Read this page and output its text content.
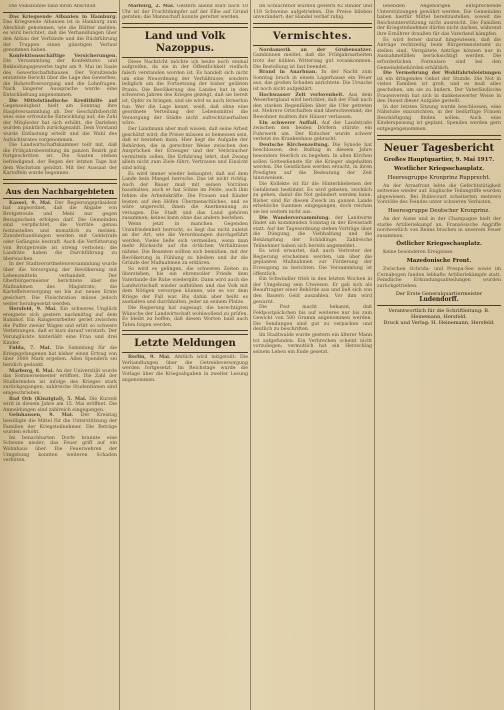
Die Volksbühne fand ihren Abschluß

Das Kriegsende Albanien in Hamburg. Das Kriegsende Albanien ist in Hamburg zum Abschluß gekommen, wie die Blätter melden; es wird berichtet, daß die Verhandlungen über den Abbau der Verbände und die Rückführung der Truppen einen günstigen Verlauf genommen haben.

Konfektionsschäftige Versicherungen. Die Versammlung der Konfektions- und Bekleidungsgewerbe tagte am 9. Mai im Saale des Gewerkschaftshauses. Der Vorsitzende erstattete Bericht über die Lage des Gewerbes, die Rohstoffversorgung und die Lohnfragen. Nach längerer Aussprache wurde eine Entschließung angenommen.

Die Mittelständische Kredithilfe auf Gegenseitigkeit hielt am Sonntag ihre Hauptversammlung ab. Der Geschäftsbericht wies eine erfreuliche Entwicklung auf; die Zahl der Mitglieder hat sich erhöht, die Darlehen wurden pünktlich zurückgezahlt. Dem Vorstand wurde Entlastung erteilt und die Wahl des Aufsichtsrates vorgenommen.

Die Landwirtschaftskammer teilt mit, daß die Frühjahrsbestellung im ganzen Bezirk gut fortgeschritten ist. Die Saaten stehen befriedigend, der Regen der letzten Tage hat dem Wachstum genützt. Mit der Aussaat der Kartoffeln wurde begonnen.

Aus den Nachbargebieten

Kassel, 9. Mai. Der Regierungspräsident hat angeordnet, daß die Abgabe von Brotgetreide und Mehl nur gegen Bezugsschein erfolgen darf. Die Gemeinden sind verpflichtet, die Vorräte genau festzustellen und monatlich zu melden. Zuwiderhandlungen werden mit Geldstrafe oder Gefängnis bestraft. Auch die Verfütterung von Brotgetreide ist streng verboten; die Landräte haben die Durchführung zu überwachen.

In der Stadtverordnetenversammlung wurde über die Versorgung der Bevölkerung mit Lebensmitteln verhandelt. Der Oberbürgermeister berichtete über die Maßnahmen des Magistrats; die Kartoffelversorgung sei bis zur neuen Ernte gesichert. Die Fleischration müsse jedoch weiter herabgesetzt werden.

Hersfeld, 9. Mai. Ein schweres Unglück ereignete sich gestern nachmittag auf dem Bahnhof. Ein Rangierarbeiter geriet zwischen die Puffer zweier Wagen und erlitt so schwere Verletzungen, daß er kurz darauf verstarb. Der Verunglückte hinterläßt eine Frau und drei Kinder.

Fulda, 7. Mai. Die Sammlung für die Kriegsgefangenen hat bisher einen Ertrag von über 3000 Mark ergeben. Allen Spendern sei herzlich gedankt.

Marburg, 8. Mai. An der Universität wurde das Sommersemester eröffnet. Die Zahl der Studierenden ist infolge des Krieges stark zurückgegangen; zahlreiche Studentinnen sind eingeschrieben.

Bad Orb (Kinzigtal), 5. Mai. Die Kurzeit wird in diesem Jahre am 15. Mai eröffnet. Die Anmeldungen sind zahlreich eingegangen.

Gelnhausen, 9. Mai. Der Kreistag bewilligte die Mittel für die Unterstützung der Familien der Kriegsteilnehmer. Die Beträge wurden erhöht.

Im benachbarten Dorfe brannte eine Scheune nieder; das Feuer griff auf ein Wohnhaus über. Die Feuerwehren der Umgebung konnten weiteren Schaden verhüten.

Marburg, 2. Mai. Gestern abend kurz nach 10 Uhr ist der Frachtdampfer auf der Elbe auf Grund geraten; die Mannschaft konnte gerettet werden.

Land und Volk Nazoppus.

Diese Nachricht möchte ich heute noch einmal aufgreifen, da sie in der Öffentlichkeit vielfach falsch verstanden worden ist. Es handelt sich nicht um eine Neuordnung der Verhältnisse, sondern lediglich um die Fortsetzung der bisher geübten Praxis. Die Bevölkerung des Landes hat in den schweren Jahren des Krieges gezeigt, daß sie bereit ist, Opfer zu bringen, und sie wird es auch fernerhin tun. Wer die Lage kennt, weiß, daß ohne eine geordnete Verteilung der Lebensmittel die Versorgung der Städte nicht aufrechtzuerhalten wäre.

Der Landmann aber muß wissen, daß seine Arbeit geschätzt wird; die Preise müssen so bemessen sein, daß er bestehen kann. Hier liegt die Aufgabe der Behörden, die in gerechter Weise zwischen den Ansprüchen der Erzeuger und der Verbraucher vermitteln sollen. Die Erfahrung lehrt, daß Zwang allein nicht zum Ziele führt; Vertrauen und Einsicht sind nötig.

Es wird immer wieder behauptet, daß auf dem Lande kein Mangel herrsche. Das ist nicht richtig. Auch der Bauer muß mit seinen Vorräten haushalten, auch er hat Söhne im Felde, auch ihm fehlen die Arbeitskräfte. Die Frauen und Kinder leisten auf den Höfen Übermenschliches, und es wäre ungerecht, ihnen die Anerkennung zu versagen. Die Stadt und das Land gehören zusammen; keines kann ohne das andere bestehen.

Wenn jetzt in manchen Gegenden Unzufriedenheit herrscht, so liegt das nicht zuletzt an der Art, wie die Verordnungen durchgeführt werden. Vieles ließe sich vermeiden, wenn man mehr Rücksicht auf die örtlichen Verhältnisse nähme. Die Beamten sollten sich bemühen, mit der Bevölkerung in Fühlung zu bleiben und ihr die Gründe der Maßnahmen zu erklären.

So wird es gelingen, die schweren Zeiten zu überstehen, bis ein ehrenvoller Friede dem Vaterlande die Ruhe wiedergibt. Dann wird auch die Landwirtschaft wieder aufblühen und das Volk mit dem Nötigen versorgen können, wie es vor dem Kriege der Fall war. Bis dahin aber heißt es aushalten und durchhalten, jeder an seinem Platze.

Die Regierung hat zugesagt, die berechtigten Wünsche der Landwirtschaft wohlwollend zu prüfen. Es bleibt zu hoffen, daß diesen Worten bald auch Taten folgen werden.

Letzte Meldungen

Berlin, 9. Mai. Amtlich wird mitgeteilt: Die Verhandlungen über die Getreideversorgung werden fortgesetzt. Im Reichstage wurde die Vorlage über die Kriegsabgaben in zweiter Lesung angenommen.

Im Schlachthof wurden gestern 42 Rinder und 118 Schweine aufgetrieben. Die Preise blieben unverändert; der Handel verlief ruhig.

Vermischtes.

Nordamerik an der Grubensatzer. Gumbinnen meldet, daß die Frühjahrsarbeiten trotz der kühlen Witterung gut vorankommen. Die Bestellung ist fast beendet.

Brand in Anarhuan. In der Nacht zum Sonntag brach in einem Lagerhause ein Feuer aus, das großen Schaden anrichtete. Die Ursache ist noch nicht aufgeklärt.

Hochwasser Zeit verlorenheit. Aus dem Weserbergland wird berichtet, daß der Fluß nach den starken Regenfällen über die Ufer getreten ist. Mehrere Ortschaften sind überschwemmt; die Bewohner mußten ihre Häuser verlassen.

Ein schwerer Auffall. Auf der Landstraße zwischen den beiden Dörfern stürzte ein Fuhrwerk um. Der Kutscher wurde schwer verletzt ins Krankenhaus gebracht.

Deutsche Kirchenzeitung. Die Synode hat beschlossen, den Bußtag in diesem Jahre besonders feierlich zu begehen. In allen Kirchen sollen Gottesdienste für die Krieger abgehalten werden. Die Geistlichen werden ersucht, in ihren Predigten auf die Bedeutung der Zeit hinzuweisen.

Die Kollekte ist für die Hinterbliebenen der Gefallenen bestimmt. Es wird gebeten, reichlich zu geben, damit die Not gelindert werden kann. Bisher sind für diesen Zweck im ganzen Lande erhebliche Summen eingegangen, doch reichen sie bei weitem nicht aus.

Die Wanderversammlung. der Landwirte findet am kommenden Sonntag in der Kreisstadt statt. Auf der Tagesordnung stehen Vorträge über die Düngung, die Viehhaltung und die Bekämpfung der Schädlinge. Zahlreiche Teilnehmer haben sich bereits angemeldet.

Es wird erwartet, daß auch Vertreter der Regierung erscheinen werden, um über die geplanten Maßnahmen zur Förderung der Erzeugung zu berichten. Die Versammlung ist öffentlich.

Ein Schwindler trieb in den letzten Wochen in der Umgebung sein Unwesen. Er gab sich als Beauftragter einer Behörde aus und ließ sich von den Bauern Geld auszahlen. Vor ihm wird gewarnt.

Die Post macht bekannt, daß Feldpostpäckchen bis auf weiteres nur bis zum Gewicht von 500 Gramm angenommen werden. Die Sendungen sind gut zu verpacken und deutlich zu beschriften.

Im Stadtwalde wurde gestern ein älterer Mann tot aufgefunden. Ein Verbrechen scheint nicht vorzuliegen; vermutlich hat ein Herzschlag seinem Leben ein Ende gesetzt.

lebenden Angehörigen entsprechende Unterstützungen gewährt werden. Die Gemeinden haben hierfür Mittel bereitzustellen, soweit die Reichsunterstützung nicht ausreicht. Die Familien der Kriegsteilnehmer dürfen nicht darben, während ihre Ernährer draußen für das Vaterland kämpfen.

Es wird ferner darauf hingewiesen, daß die Anträge rechtzeitig beim Bürgermeisteramt zu stellen sind. Verspätete Anträge können nur in Ausnahmefällen berücksichtigt werden. Die erforderlichen Formulare sind bei den Gemeindebehörden erhältlich.

Die Vermehrung der Wohlfahrtsleistungen ist ein dringendes Gebot der Stunde. Die Not in vielen Familien ist groß, und es muß alles geschehen, um sie zu lindern. Der Vaterländische Frauenverein hat sich in dankenswerter Weise in den Dienst dieser Aufgabe gestellt.

In der letzten Sitzung wurde beschlossen, eine Nähstube einzurichten, in der bedürftige Frauen Beschäftigung finden sollen. Auch eine Kinderspeisung ist geplant. Spenden werden gern entgegengenommen.

Neuer Tagesbericht
Großes Hauptquartier, 9. Mai 1917.
Westlicher Kriegsschauplatz.
Heeresgruppe Kronprinz Rupprecht.

An der Arrasfront lebte die Gefechtstätigkeit zeitweise wieder auf. Englische Teilangriffe wurden abgewiesen. Bei Bullecourt scheiterten mehrere Vorstöße des Feindes unter schweren Verlusten.

Heeresgruppe Deutscher Kronprinz.

An der Aisne und in der Champagne hielt der starke Artilleriekampf an. Französische Angriffe nordwestlich von Reims brachen in unserem Feuer zusammen.

Östlicher Kriegsschauplatz.

Keine besonderen Ereignisse.

Mazedonische Front.

Zwischen Ochrida- und Prespa-See sowie im Cernabogen fanden lebhafte Artilleriekämpfe statt. Feindliche Erkundungsabteilungen wurden zurückgetrieben.

Der Erste Generalquartiermeister
Ludendorff.
Verantwortlich für die Schriftleitung: R. Heinemann, Hersfeld.
Druck und Verlag: H. Heinemann, Hersfeld.
